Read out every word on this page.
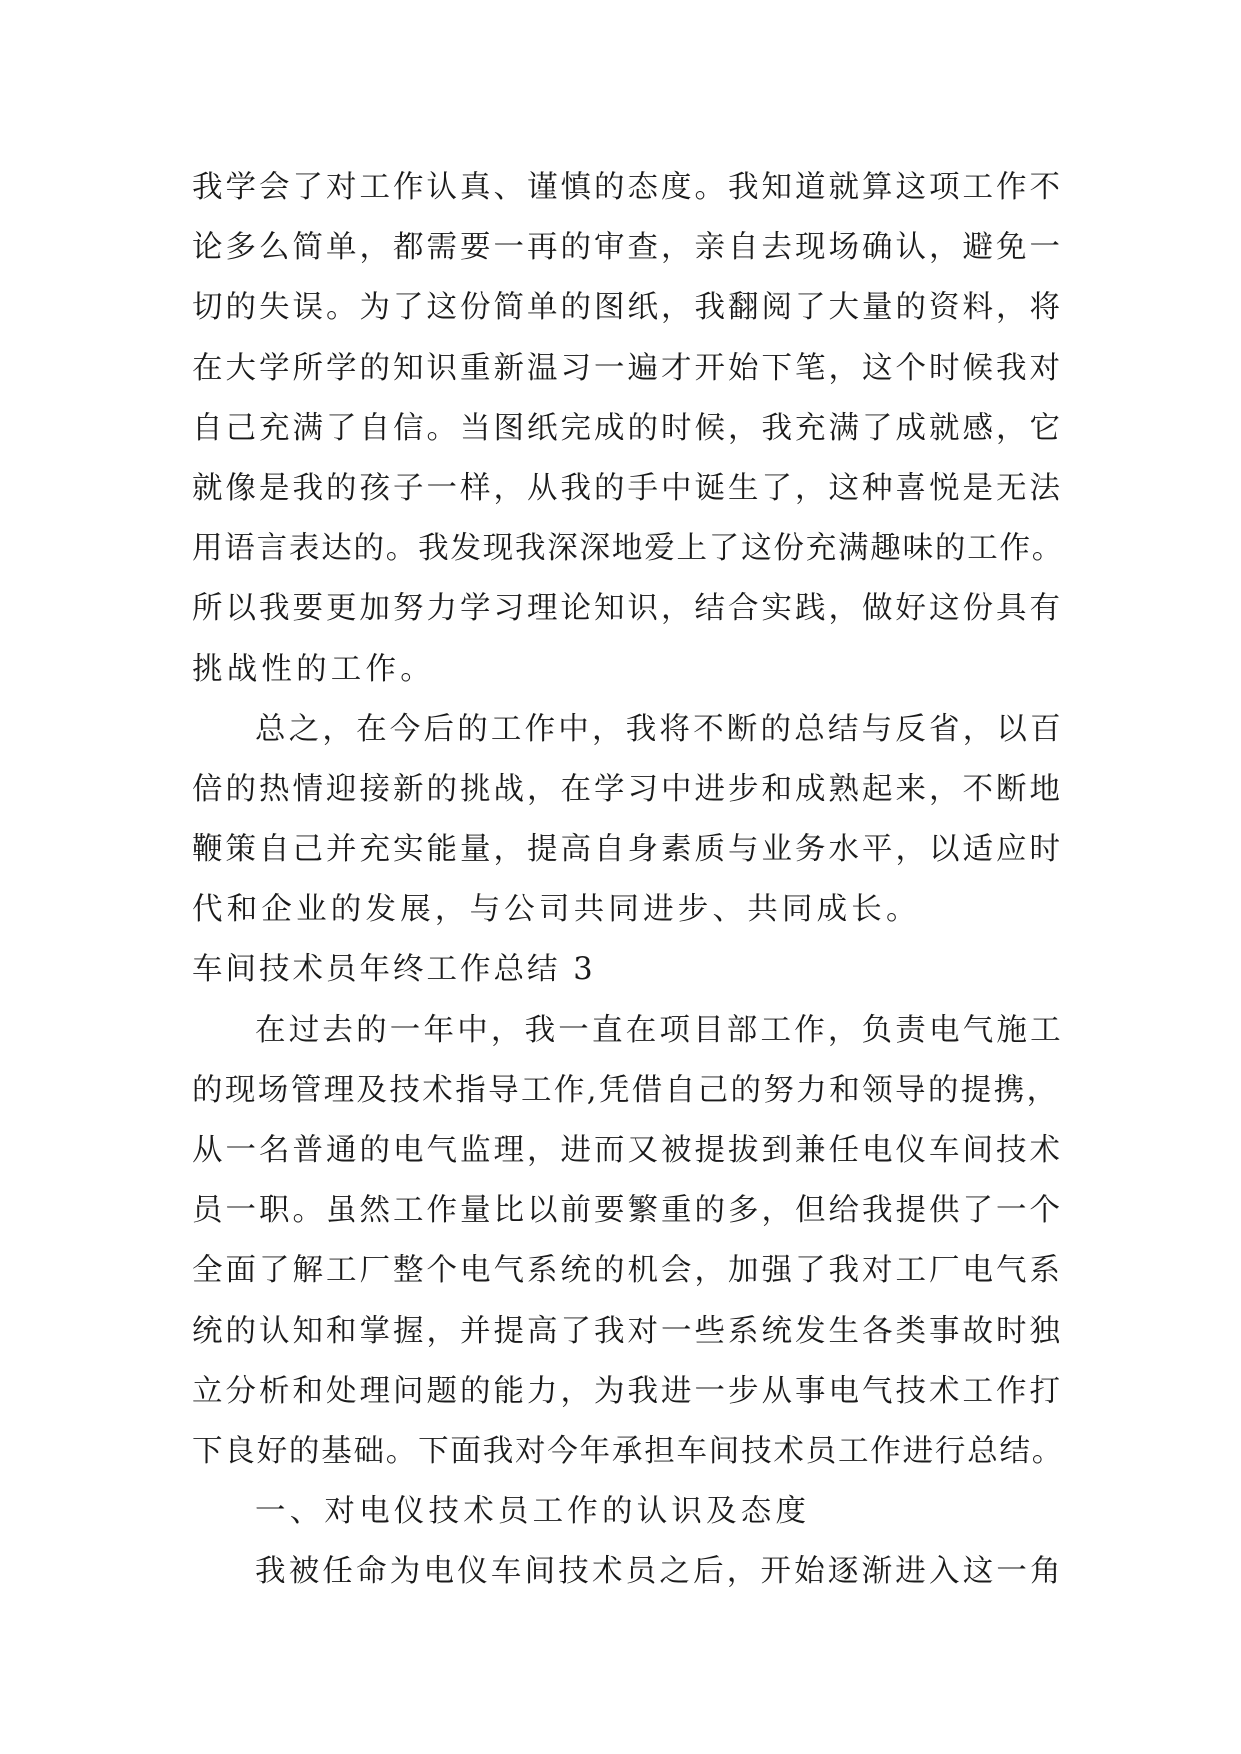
我学会了对工作认真、谨慎的态度。我知道就算这项工作不
论多么简单，都需要一再的审查，亲自去现场确认，避免一
切的失误。为了这份简单的图纸，我翻阅了大量的资料，将
在大学所学的知识重新温习一遍才开始下笔，这个时候我对
自己充满了自信。当图纸完成的时候，我充满了成就感，它
就像是我的孩子一样，从我的手中诞生了，这种喜悦是无法
用语言表达的。我发现我深深地爱上了这份充满趣味的工作。
所以我要更加努力学习理论知识，结合实践，做好这份具有
挑战性的工作。
总之，在今后的工作中，我将不断的总结与反省，以百
倍的热情迎接新的挑战，在学习中进步和成熟起来，不断地
鞭策自己并充实能量，提高自身素质与业务水平，以适应时
代和企业的发展，与公司共同进步、共同成长。
车间技术员年终工作总结 3
在过去的一年中，我一直在项目部工作，负责电气施工
的现场管理及技术指导工作,凭借自己的努力和领导的提携，
从一名普通的电气监理，进而又被提拔到兼任电仪车间技术
员一职。虽然工作量比以前要繁重的多，但给我提供了一个
全面了解工厂整个电气系统的机会，加强了我对工厂电气系
统的认知和掌握，并提高了我对一些系统发生各类事故时独
立分析和处理问题的能力，为我进一步从事电气技术工作打
下良好的基础。下面我对今年承担车间技术员工作进行总结。
一、对电仪技术员工作的认识及态度
我被任命为电仪车间技术员之后，开始逐渐进入这一角
